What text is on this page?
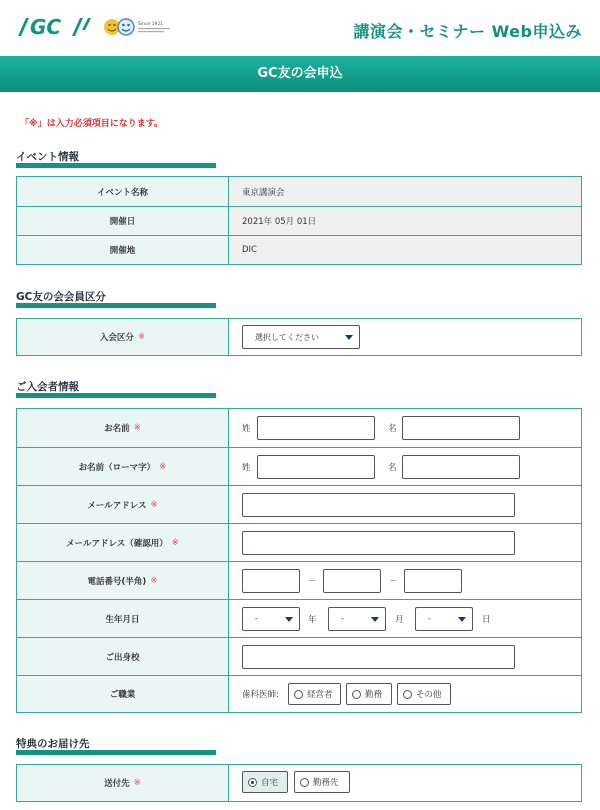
GC	Since 1921	講演会・セミナー Web申込み
GC友の会申込
「※」は入力必須項目になります。
イベント情報
イベント名称	東京講演会
開催日	2021年 05月 01日
開催地	DIC
GC友の会会員区分
入会区分 ※	選択してください
ご入会者情報
お名前 ※	姓	名
お名前（ローマ字） ※	姓	名
メールアドレス ※
メールアドレス（確認用） ※
電話番号(半角) ※	－	－
生年月日	-	年	-	月	-	日
ご出身校
ご職業	歯科医師:	経営者	勤務	その他
特典のお届け先
送付先 ※	自宅	勤務先
